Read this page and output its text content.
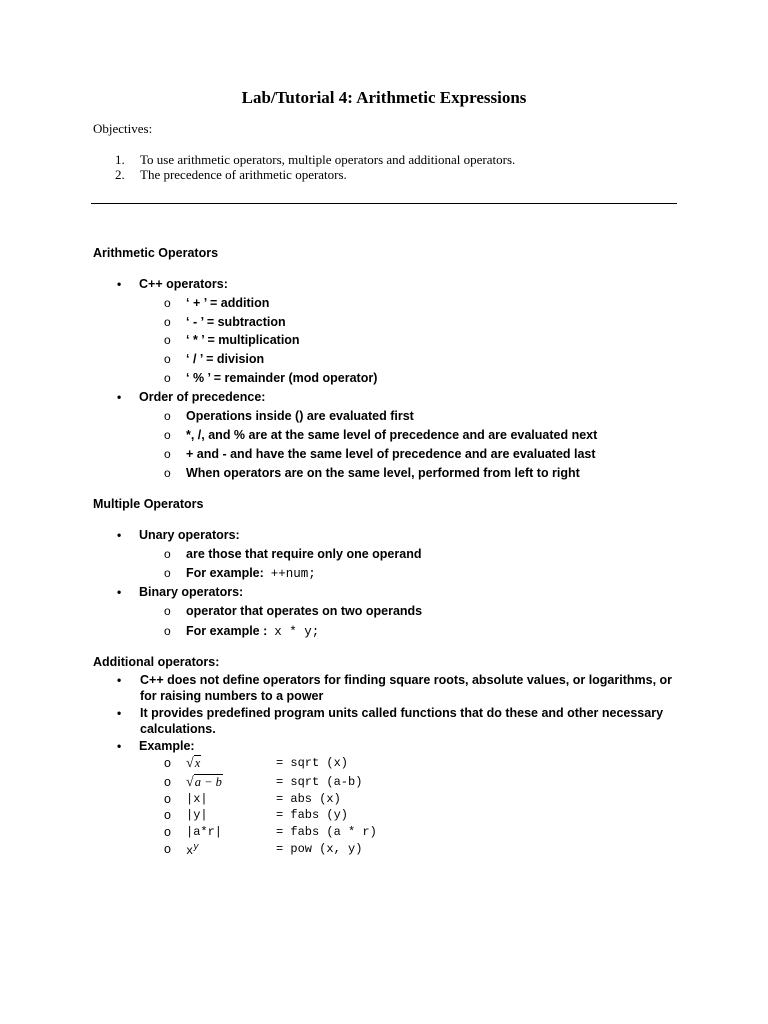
Lab/Tutorial 4: Arithmetic Expressions
Objectives:
1. To use arithmetic operators, multiple operators and additional operators.
2. The precedence of arithmetic operators.
Arithmetic Operators
• C++ operators:
o ‘ + ’ = addition
o ‘ - ’ = subtraction
o ‘ * ’ = multiplication
o ‘ / ’ = division
o ‘ % ’ = remainder (mod operator)
• Order of precedence:
o Operations inside () are evaluated first
o *, /, and % are at the same level of precedence and are evaluated next
o + and - and have the same level of precedence and are evaluated last
o When operators are on the same level, performed from left to right
Multiple Operators
• Unary operators:
o are those that require only one operand
o For example: ++num;
• Binary operators:
o operator that operates on two operands
o For example : x * y;
Additional operators:
• C++ does not define operators for finding square roots, absolute values, or logarithms, or for raising numbers to a power
• It provides predefined program units called functions that do these and other necessary calculations.
• Example:
o √x	= sqrt (x)
o √a − b	= sqrt (a-b)
o |x|	= abs (x)
o |y|	= fabs (y)
o |a*r|	= fabs (a * r)
o $x^y$	= pow (x, y)
